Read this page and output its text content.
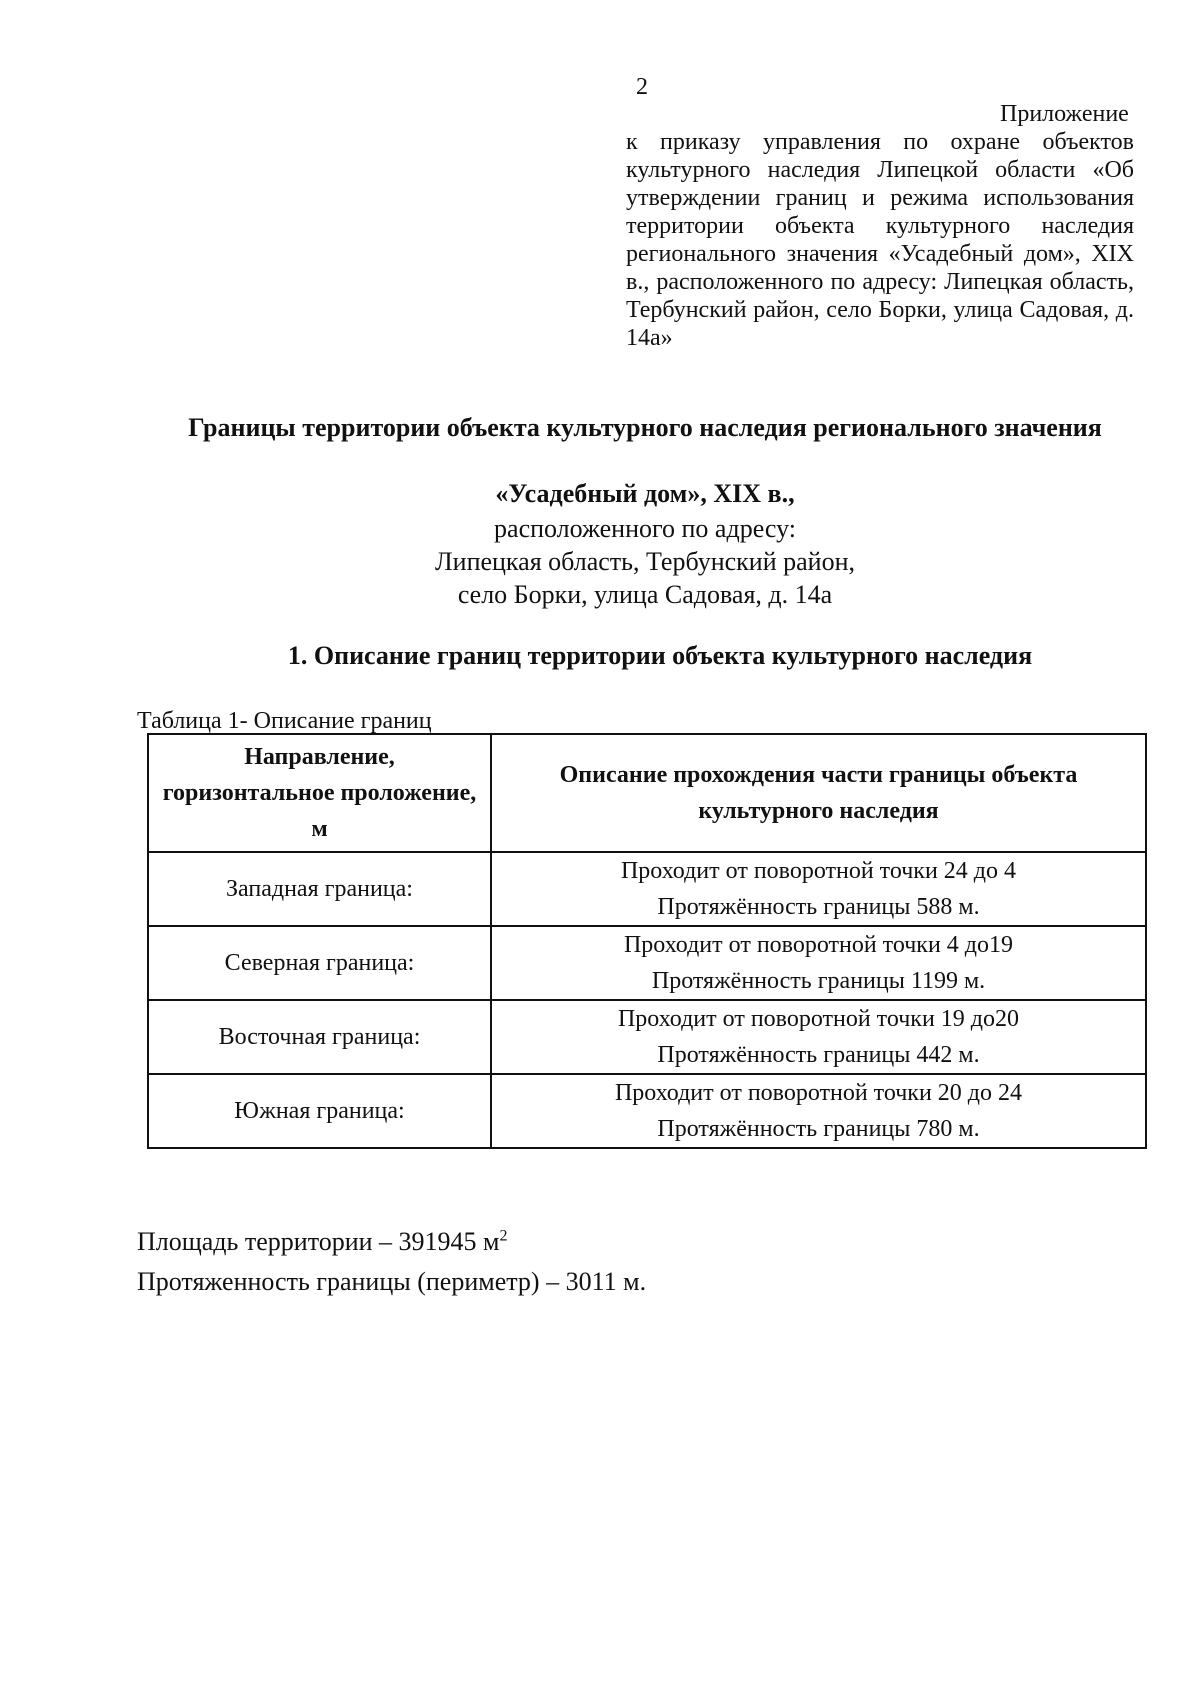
2
Приложение
к приказу управления по охране объектов культурного наследия Липецкой области «Об утверждении границ и режима использования территории объекта культурного наследия регионального значения «Усадебный дом», XIX в., расположенного по адресу: Липецкая область, Тербунский район, село Борки, улица Садовая, д. 14а»
Границы территории объекта культурного наследия регионального значения
«Усадебный дом», XIX в.,
расположенного по адресу:
Липецкая область, Тербунский район,
село Борки, улица Садовая, д. 14а
1. Описание границ территории объекта культурного наследия
Таблица 1- Описание границ
Направление, горизонтальное проложение, м	Описание прохождения части границы объекта культурного наследия
Западная граница:	Проходит от поворотной точки 24 до 4
Протяжённость границы 588 м.

Северная граница:	Проходит от поворотной точки 4 до19
Протяжённость границы 1199 м.

Восточная граница:	Проходит от поворотной точки 19 до20
Протяжённость границы 442 м.

Южная граница:	Проходит от поворотной точки 20 до 24
Протяжённость границы 780 м.
Площадь территории – 391945 $м^2$
Протяженность границы (периметр) – 3011 м.
